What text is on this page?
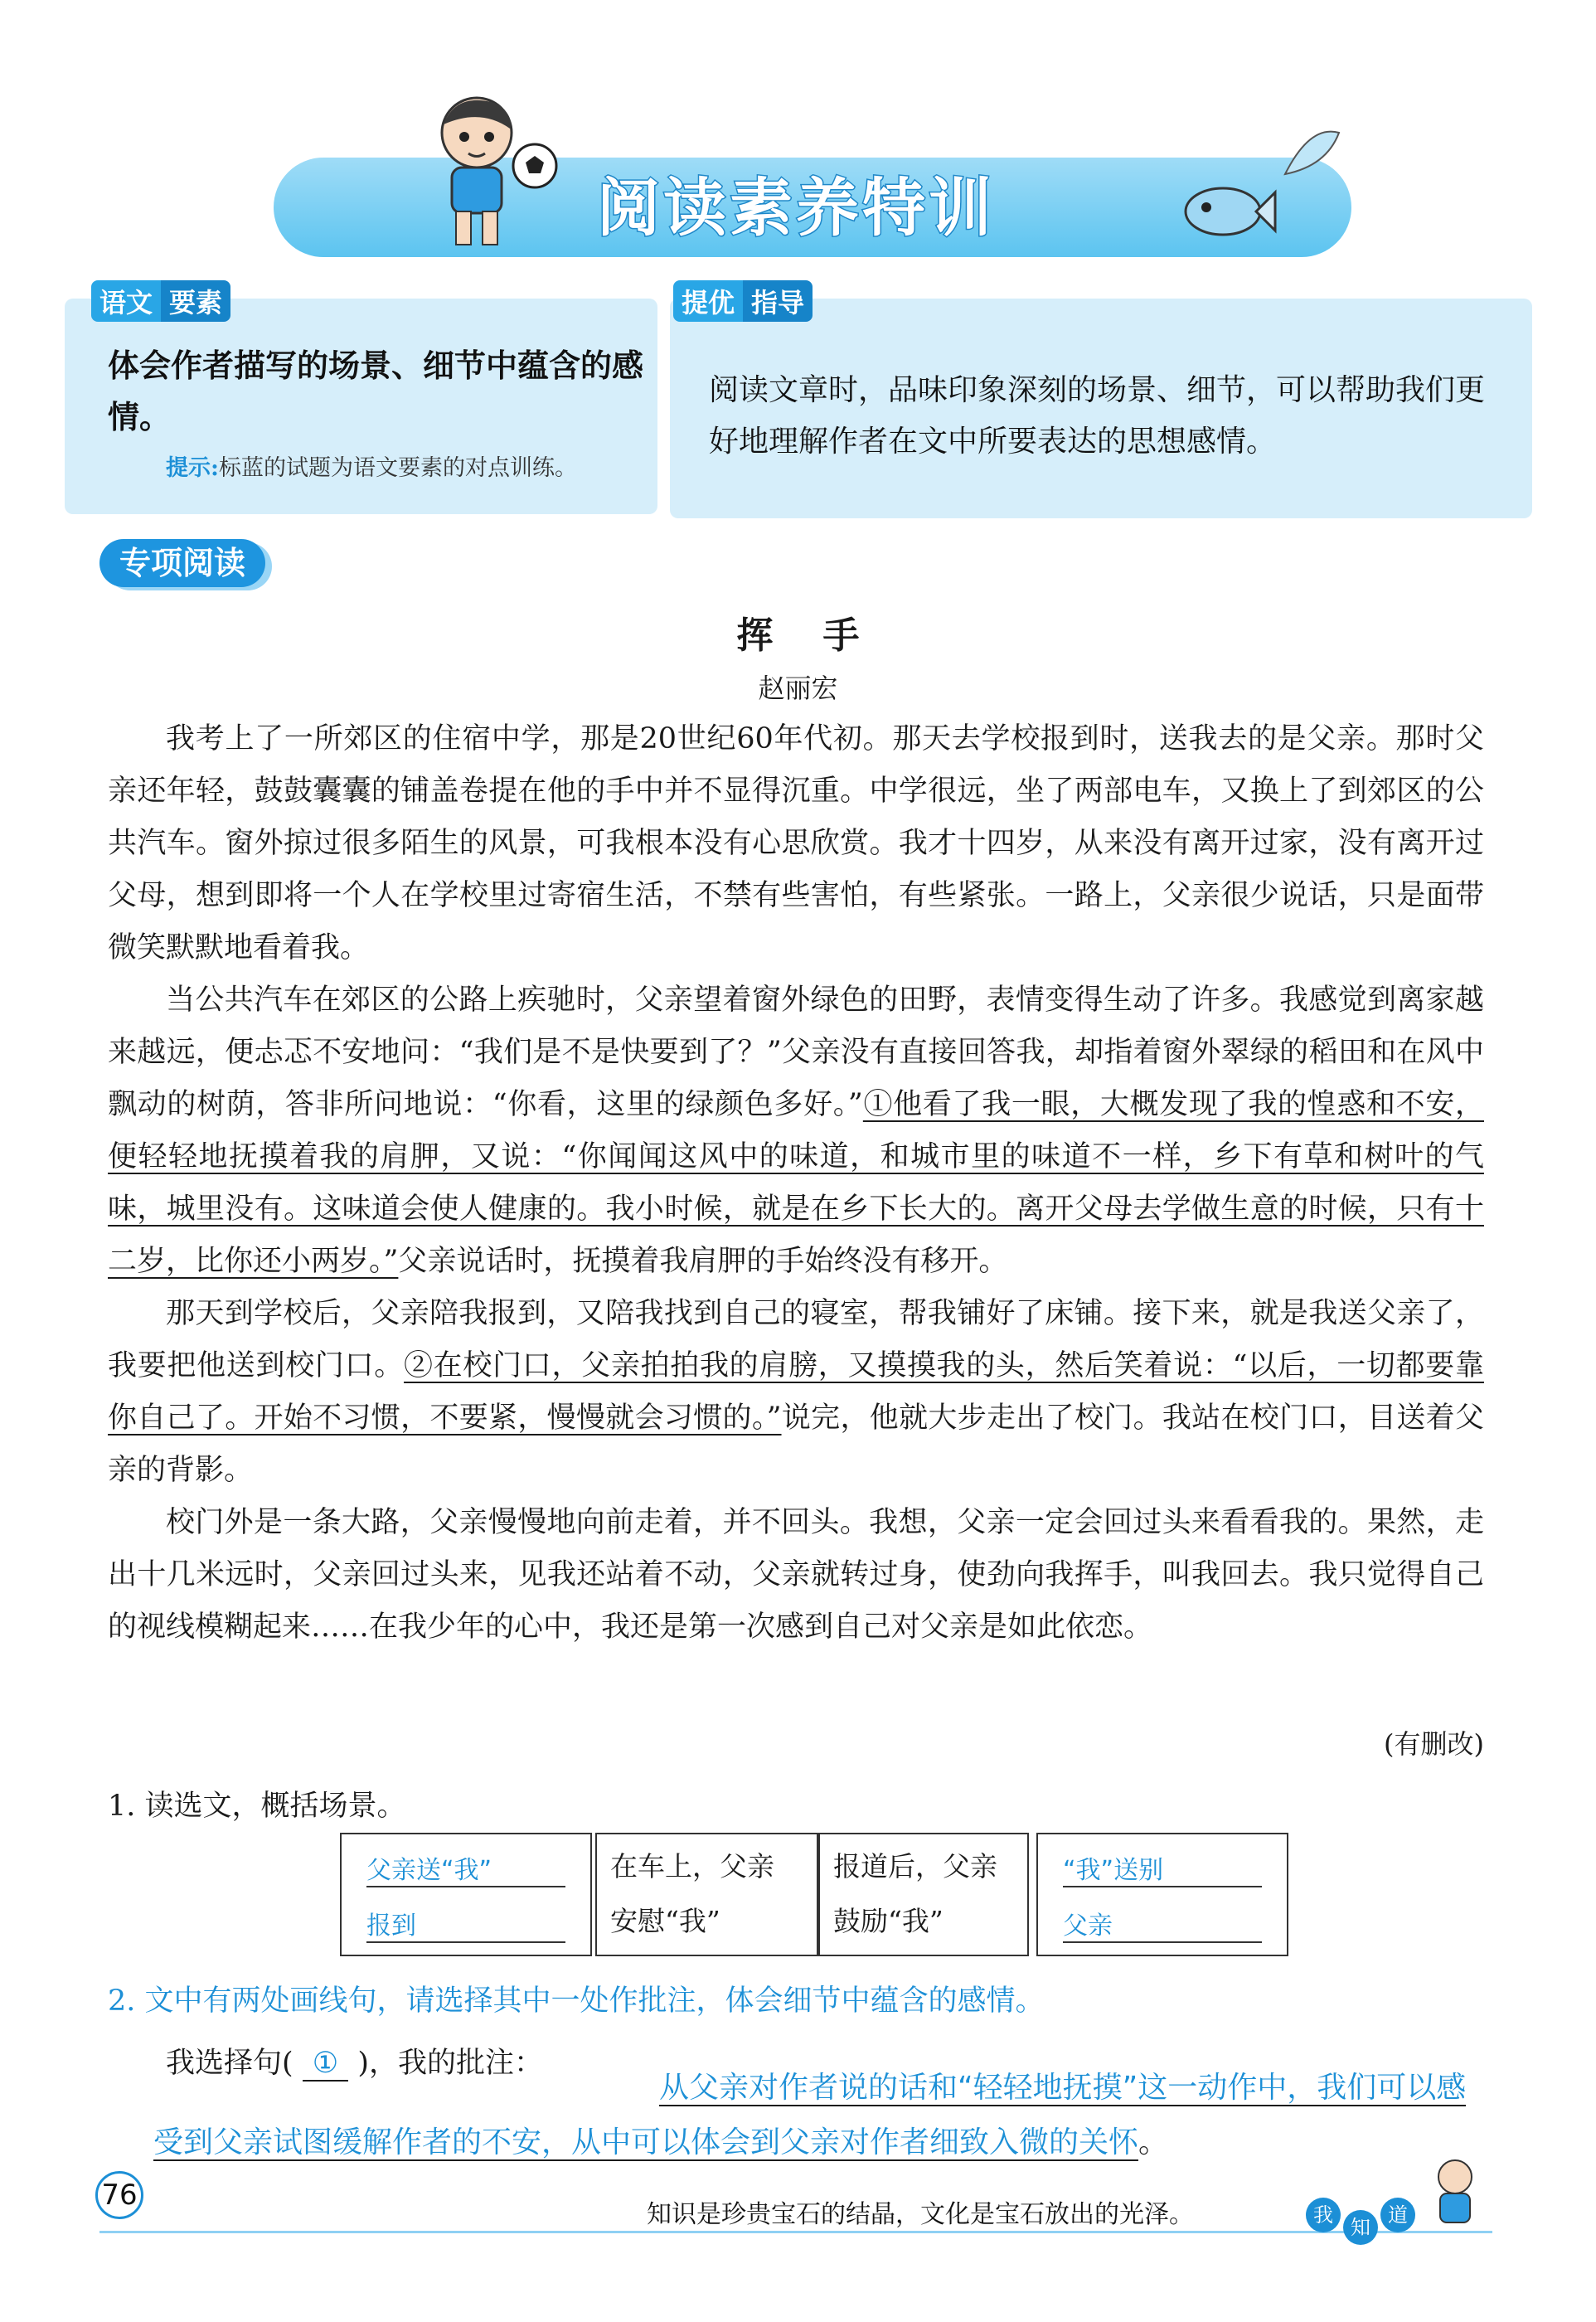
阅读素养特训
语文 要素
体会作者描写的场景、细节中蕴含的感情。
提示:标蓝的试题为语文要素的对点训练。
提优 指导
阅读文章时，品味印象深刻的场景、细节，可以帮助我们更好地理解作者在文中所要表达的思想感情。
专项阅读
挥手
赵丽宏

我考上了一所郊区的住宿中学，那是20世纪60年代初。那天去学校报到时，送我去的是父亲。那时父亲还年轻，鼓鼓囊囊的铺盖卷提在他的手中并不显得沉重。中学很远，坐了两部电车，又换上了到郊区的公共汽车。窗外掠过很多陌生的风景，可我根本没有心思欣赏。我才十四岁，从来没有离开过家，没有离开过父母，想到即将一个人在学校里过寄宿生活，不禁有些害怕，有些紧张。一路上，父亲很少说话，只是面带微笑默默地看着我。

当公共汽车在郊区的公路上疾驰时，父亲望着窗外绿色的田野，表情变得生动了许多。我感觉到离家越来越远，便忐忑不安地问：“我们是不是快要到了？”父亲没有直接回答我，却指着窗外翠绿的稻田和在风中飘动的树荫，答非所问地说：“你看，这里的绿颜色多好。”①他看了我一眼，大概发现了我的惶惑和不安，便轻轻地抚摸着我的肩胛，又说：“你闻闻这风中的味道，和城市里的味道不一样，乡下有草和树叶的气味，城里没有。这味道会使人健康的。我小时候，就是在乡下长大的。离开父母去学做生意的时候，只有十二岁，比你还小两岁。”父亲说话时，抚摸着我肩胛的手始终没有移开。

那天到学校后，父亲陪我报到，又陪我找到自己的寝室，帮我铺好了床铺。接下来，就是我送父亲了，我要把他送到校门口。②在校门口，父亲拍拍我的肩膀，又摸摸我的头，然后笑着说：“以后，一切都要靠你自己了。开始不习惯，不要紧，慢慢就会习惯的。”说完，他就大步走出了校门。我站在校门口，目送着父亲的背影。

校门外是一条大路，父亲慢慢地向前走着，并不回头。我想，父亲一定会回过头来看看我的。果然，走出十几米远时，父亲回过头来，见我还站着不动，父亲就转过身，使劲向我挥手，叫我回去。我只觉得自己的视线模糊起来……在我少年的心中，我还是第一次感到自己对父亲是如此依恋。

(有删改)
1. 读选文，概括场景。
父亲送“我”
报到
在车上，父亲
安慰“我”
报道后，父亲
鼓励“我”
“我”送别
父亲
2. 文中有两处画线句，请选择其中一处作批注，体会细节中蕴含的感情。
我选择句( ① )，我的批注：
从父亲对作者说的话和“轻轻地抚摸”这一动作中，我们可以感受到父亲试图缓解作者的不安，从中可以体会到父亲对作者细致入微的关怀。
76
知识是珍贵宝石的结晶，文化是宝石放出的光泽。	我
知
道
